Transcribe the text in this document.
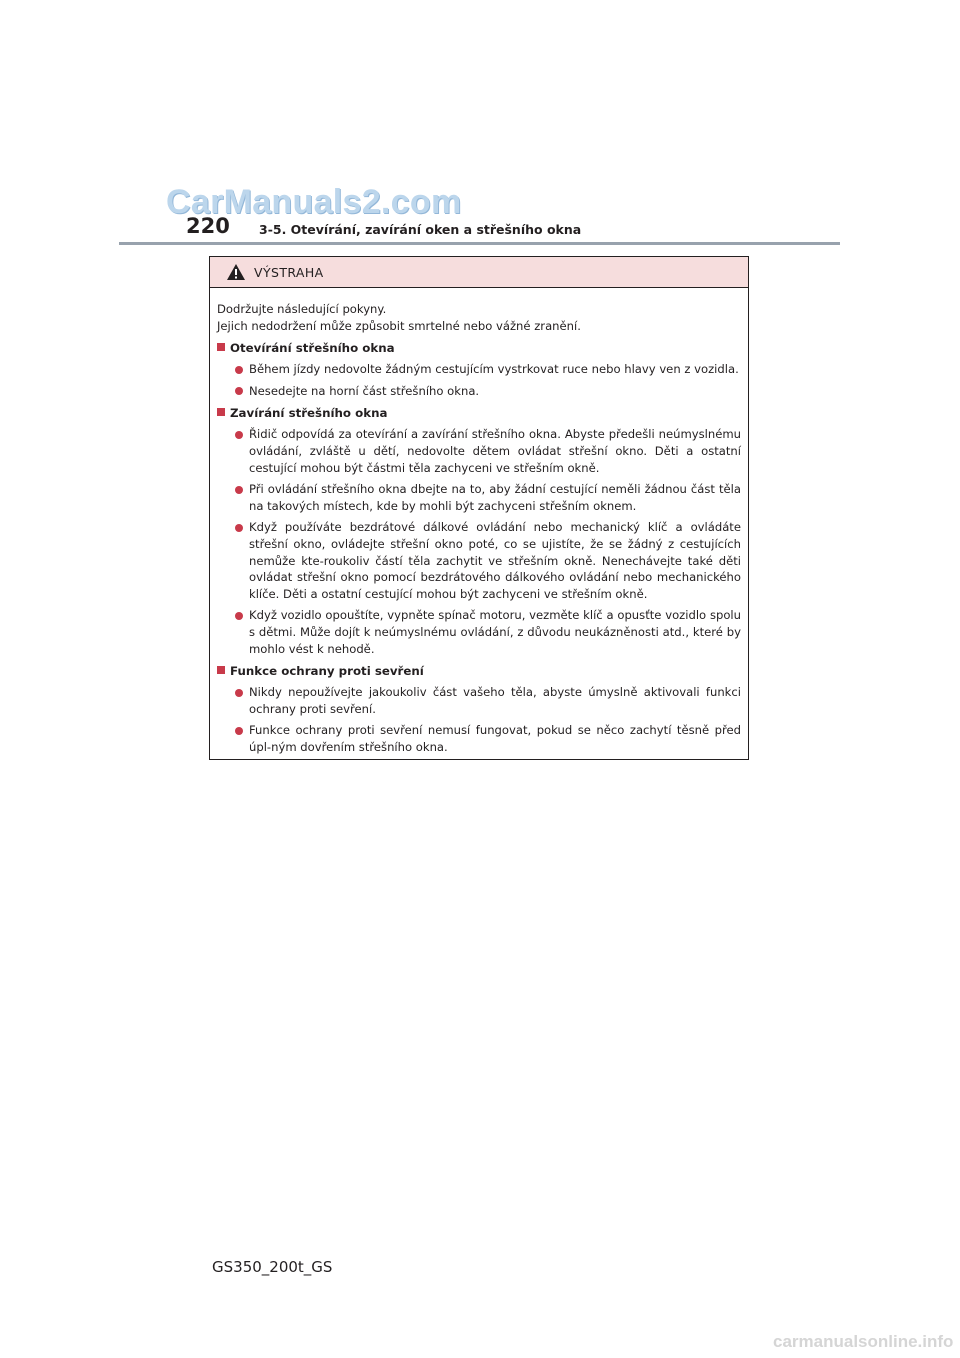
CarManuals2.com
220 3-5. Otevírání, zavírání oken a střešního okna
VÝSTRAHA
Dodržujte následující pokyny.
Jejich nedodržení může způsobit smrtelné nebo vážné zranění.
Otevírání střešního okna
Během jízdy nedovolte žádným cestujícím vystrkovat ruce nebo hlavy ven z vozidla.
Nesedejte na horní část střešního okna.
Zavírání střešního okna
Řidič odpovídá za otevírání a zavírání střešního okna. Abyste předešli neúmyslnému ovládání, zvláště u dětí, nedovolte dětem ovládat střešní okno. Děti a ostatní cestující mohou být částmi těla zachyceni ve střešním okně.
Při ovládání střešního okna dbejte na to, aby žádní cestující neměli žádnou část těla na takových místech, kde by mohli být zachyceni střešním oknem.
Když používáte bezdrátové dálkové ovládání nebo mechanický klíč a ovládáte střešní okno, ovládejte střešní okno poté, co se ujistíte, že se žádný z cestujících nemůže kte-roukoliv částí těla zachytit ve střešním okně. Nenechávejte také děti ovládat střešní okno pomocí bezdrátového dálkového ovládání nebo mechanického klíče. Děti a ostatní cestující mohou být zachyceni ve střešním okně.
Když vozidlo opouštíte, vypněte spínač motoru, vezměte klíč a opusťte vozidlo spolu s dětmi. Může dojít k neúmyslnému ovládání, z důvodu neukázněnosti atd., které by mohlo vést k nehodě.
Funkce ochrany proti sevření
Nikdy nepoužívejte jakoukoliv část vašeho těla, abyste úmyslně aktivovali funkci ochrany proti sevření.
Funkce ochrany proti sevření nemusí fungovat, pokud se něco zachytí těsně před úpl-ným dovřením střešního okna.
GS350_200t_GS
carmanualsonline.info
